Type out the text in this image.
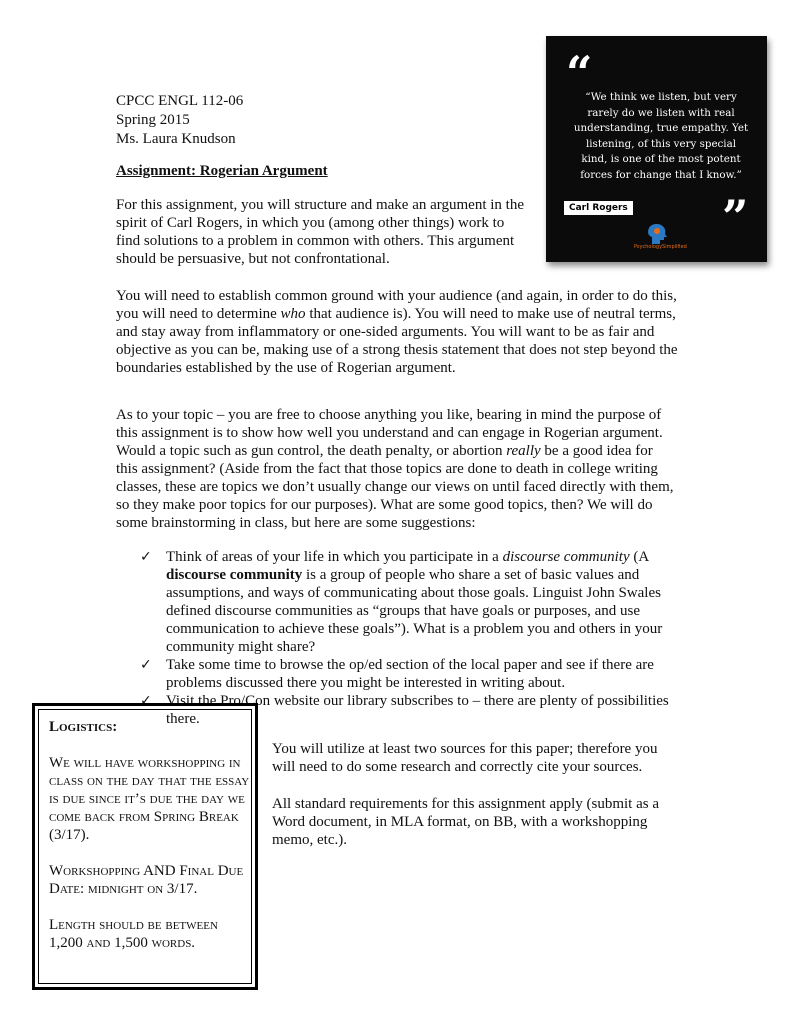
CPCC ENGL 112-06
Spring 2015
Ms. Laura Knudson
Assignment: Rogerian Argument

For this assignment, you will structure and make an argument in the spirit of Carl Rogers, in which you (among other things) work to find solutions to a problem in common with others. This argument should be persuasive, but not confrontational.

You will need to establish common ground with your audience (and again, in order to do this, you will need to determine who that audience is). You will need to make use of neutral terms, and stay away from inflammatory or one-sided arguments. You will want to be as fair and objective as you can be, making use of a strong thesis statement that does not step beyond the boundaries established by the use of Rogerian argument.

As to your topic – you are free to choose anything you like, bearing in mind the purpose of this assignment is to show how well you understand and can engage in Rogerian argument. Would a topic such as gun control, the death penalty, or abortion really be a good idea for this assignment? (Aside from the fact that those topics are done to death in college writing classes, these are topics we don’t usually change our views on until faced directly with them, so they make poor topics for our purposes). What are some good topics, then? We will do some brainstorming in class, but here are some suggestions:

✓ Think of areas of your life in which you participate in a discourse community (A discourse community is a group of people who share a set of basic values and assumptions, and ways of communicating about those goals. Linguist John Swales defined discourse communities as “groups that have goals or purposes, and use communication to achieve these goals”). What is a problem you and others in your community might share?
✓ Take some time to browse the op/ed section of the local paper and see if there are problems discussed there you might be interested in writing about.
✓ Visit the Pro/Con website our library subscribes to – there are plenty of possibilities there.

You will utilize at least two sources for this paper; therefore you will need to do some research and correctly cite your sources.

All standard requirements for this assignment apply (submit as a Word document, in MLA format, on BB, with a workshopping memo, etc.).

“
“We think we listen, but very rarely do we listen with real understanding, true empathy. Yet listening, of this very special kind, is one of the most potent forces for change that I know.”
Carl Rogers ”
PsychologySimplified

Logistics:

We will have workshopping in class on the day that the essay is due since it’s due the day we come back from Spring Break (3/17).

Workshopping AND Final Due Date: midnight on 3/17.

Length should be between 1,200 and 1,500 words.
